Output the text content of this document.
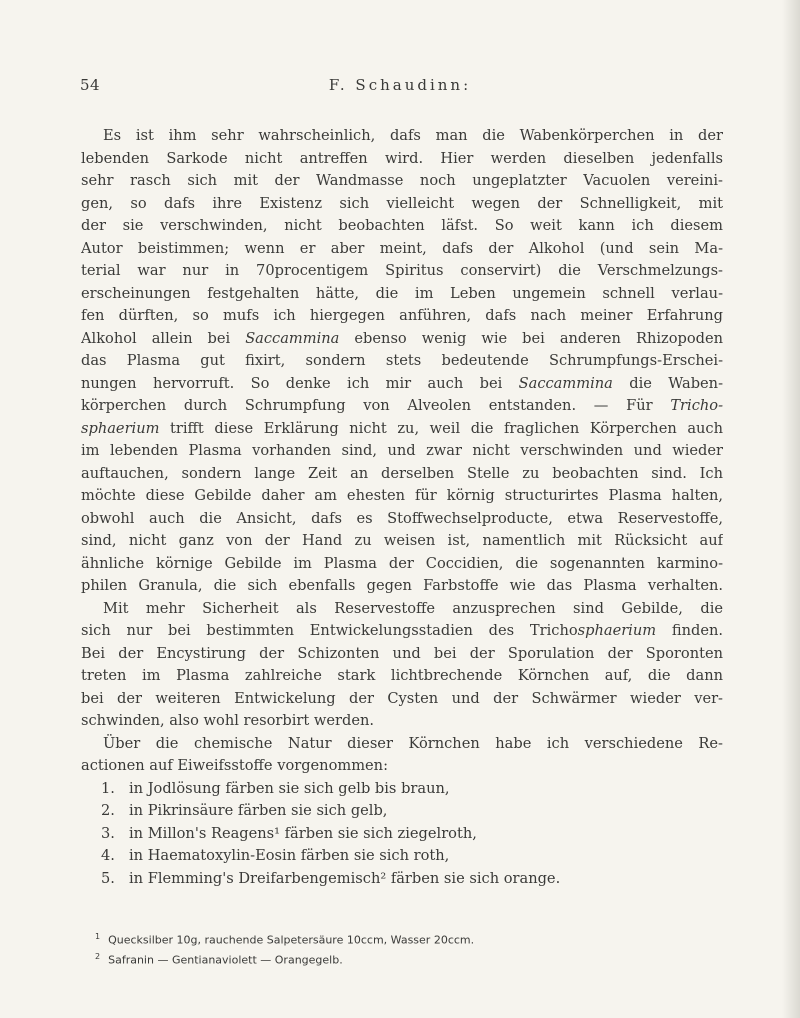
54	F. Schaudinn:
Es ist ihm sehr wahrscheinlich, dafs man die Wabenkörperchen in der
lebenden Sarkode nicht antreffen wird. Hier werden dieselben jedenfalls
sehr rasch sich mit der Wandmasse noch ungeplatzter Vacuolen vereini-
gen, so dafs ihre Existenz sich vielleicht wegen der Schnelligkeit, mit
der sie verschwinden, nicht beobachten läfst. So weit kann ich diesem
Autor beistimmen; wenn er aber meint, dafs der Alkohol (und sein Ma-
terial war nur in 70procentigem Spiritus conservirt) die Verschmelzungs-
erscheinungen festgehalten hätte, die im Leben ungemein schnell verlau-
fen dürften, so mufs ich hiergegen anführen, dafs nach meiner Erfahrung
Alkohol allein bei Saccammina ebenso wenig wie bei anderen Rhizopoden
das Plasma gut fixirt, sondern stets bedeutende Schrumpfungs-Erschei-
nungen hervorruft. So denke ich mir auch bei Saccammina die Waben-
körperchen durch Schrumpfung von Alveolen entstanden. — Für Tricho-
sphaerium trifft diese Erklärung nicht zu, weil die fraglichen Körperchen auch
im lebenden Plasma vorhanden sind, und zwar nicht verschwinden und wieder
auftauchen, sondern lange Zeit an derselben Stelle zu beobachten sind. Ich
möchte diese Gebilde daher am ehesten für körnig structurirtes Plasma halten,
obwohl auch die Ansicht, dafs es Stoffwechselproducte, etwa Reservestoffe,
sind, nicht ganz von der Hand zu weisen ist, namentlich mit Rücksicht auf
ähnliche körnige Gebilde im Plasma der Coccidien, die sogenannten karmino-
philen Granula, die sich ebenfalls gegen Farbstoffe wie das Plasma verhalten.
Mit mehr Sicherheit als Reservestoffe anzusprechen sind Gebilde, die
sich nur bei bestimmten Entwickelungsstadien des Trichosphaerium finden.
Bei der Encystirung der Schizonten und bei der Sporulation der Sporonten
treten im Plasma zahlreiche stark lichtbrechende Körnchen auf, die dann
bei der weiteren Entwickelung der Cysten und der Schwärmer wieder ver-
schwinden, also wohl resorbirt werden.
Über die chemische Natur dieser Körnchen habe ich verschiedene Re-
actionen auf Eiweifsstoffe vorgenommen:
1. in Jodlösung färben sie sich gelb bis braun,
2. in Pikrinsäure färben sie sich gelb,
3. in Millon's Reagens¹ färben sie sich ziegelroth,
4. in Haematoxylin-Eosin färben sie sich roth,
5. in Flemming's Dreifarbengemisch² färben sie sich orange.
$^1$ Quecksilber 10g, rauchende Salpetersäure 10ccm, Wasser 20ccm.
$^2$ Safranin — Gentianaviolett — Orangegelb.
